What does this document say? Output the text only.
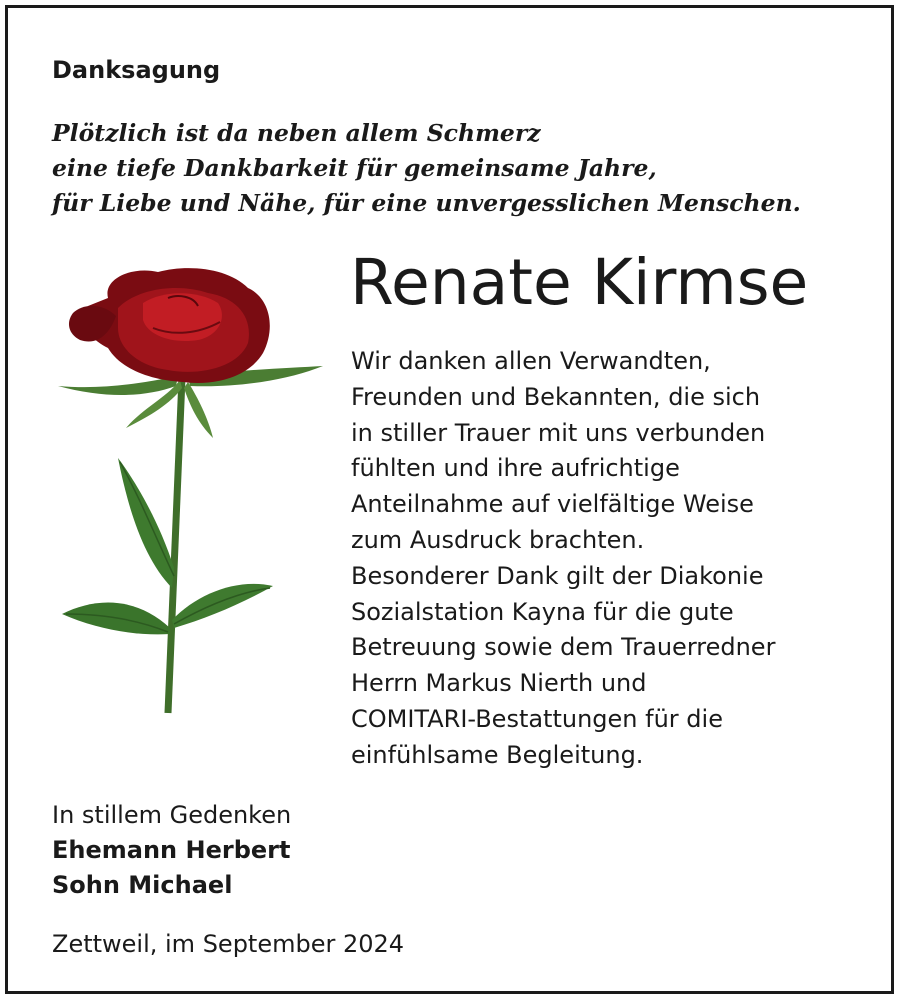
Danksagung

Plötzlich ist da neben allem Schmerz
eine tiefe Dankbarkeit für gemeinsame Jahre,
für Liebe und Nähe, für eine unvergesslichen Menschen.

Renate Kirmse

Wir danken allen Verwandten,
Freunden und Bekannten, die sich
in stiller Trauer mit uns verbunden
fühlten und ihre aufrichtige
Anteilnahme auf vielfältige Weise
zum Ausdruck brachten.
Besonderer Dank gilt der Diakonie
Sozialstation Kayna für die gute
Betreuung sowie dem Trauerredner
Herrn Markus Nierth und
COMITARI-Bestattungen für die
einfühlsame Begleitung.

In stillem Gedenken
Ehemann Herbert
Sohn Michael

Zettweil, im September 2024
